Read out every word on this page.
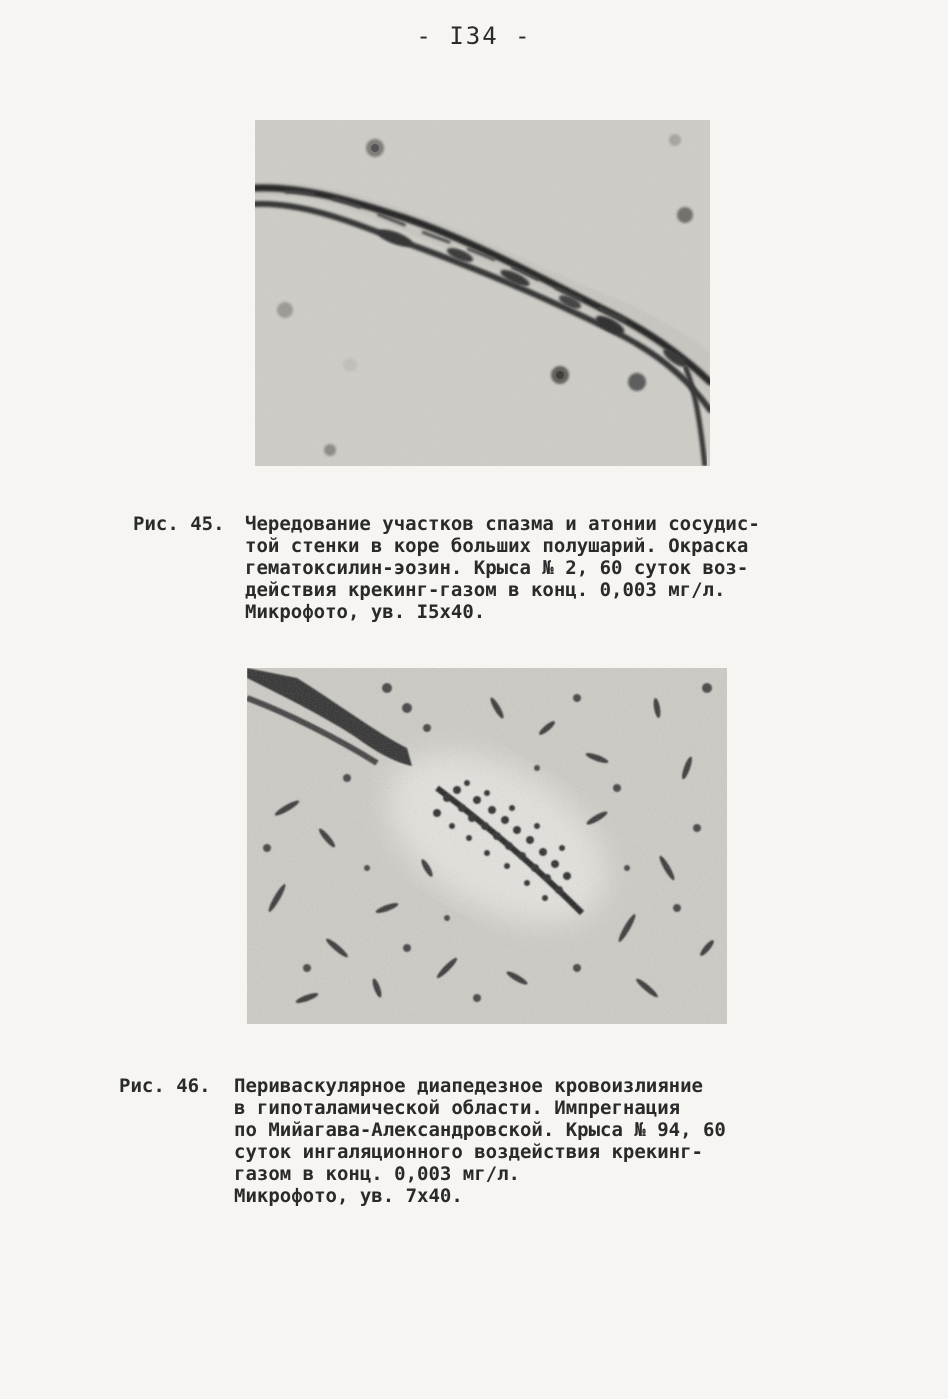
- I34 -
Рис. 45. Чередование участков спазма и атонии сосудис-
той стенки в коре больших полушарий. Окраска
гематоксилин-эозин. Крыса № 2, 60 суток воз-
действия крекинг-газом в конц. 0,003 мг/л.
Микрофото, ув. I5х40.
Рис. 46. Периваскулярное диапедезное кровоизлияние
в гипоталамической области. Импрегнация
по Мийагава-Александровской. Крыса № 94, 60
суток ингаляционного воздействия крекинг-
газом в конц. 0,003 мг/л.
Микрофото, ув. 7х40.
